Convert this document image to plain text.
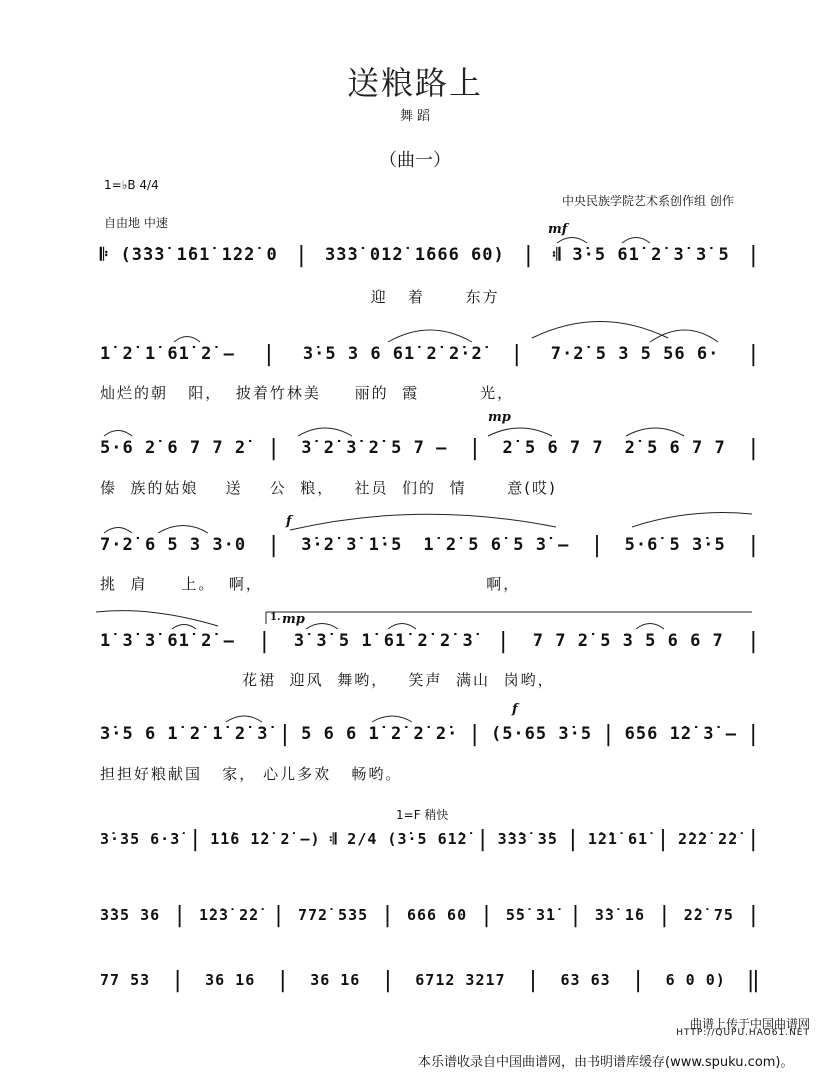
送粮路上
舞 蹈
（曲一）
1=♭B 4/4
自由地 中速
中央民族学院艺术系创作组 创作
mf
mp
f
1. mp
f
1=F 稍快
𝄆 (3̇3̇3̇ 1̇61̇ 1̇2̇2̇ 0 | 3̇3̇3̇ 01̇2̇ 1̇666 60) | 𝄇 3̇·5 61̇ 2̇ 3̇ 3̇ 5 |
迎   着      东方
1̇ 2̇ 1̇ 61̇ 2̇ – | 3̇·5 3 6 61̇ 2̇ 2̇·2̇ | 7·2̇ 5 3 5 56 6· |
灿烂的朝   阳，  披着竹林美     丽的  霞         光，
5·6 2̇ 6 7 7 2̇ | 3̇ 2̇ 3̇ 2̇ 5 7 – | 2̇ 5 6 7 7 2̇ 5 6 7 7 |
傣  族的姑娘    送    公  粮，   社员  们的  情      意(哎)
7·2̇ 6 5 3 3·0 | 3̇·2̇ 3̇ 1̇·5 1̇ 2̇ 5 6̇ 5 3̇ – | 5·6̇ 5 3̇·5 |
挑  肩     上。  啊，                                 啊，
1̇ 3̇ 3̇ 61̇ 2̇ – | 3̇ 3̇ 5 1̇ 61̇ 2̇ 2̇ 3̇ | 7 7 2̇ 5 3 5 6 6 7 |
花裙  迎风  舞哟，   笑声  满山  岗哟，
3̇·5 6 1̇ 2̇ 1̇ 2̇ 3̇ | 5 6 6 1̇ 2̇ 2̇ 2̇· | (5·65 3̇·5 | 6̇56 1̇2̇ 3̇ – |
担担好粮献国   家， 心儿多欢   畅哟。
3̇·35 6·3̇ | 1̇1̇6 1̇2̇ 2̇ –) 𝄇 2/4 (3̇·5 61̇2̇ | 3̇3̇3̇ 3̇5 | 1̇2̇1̇ 61̇ | 2̇2̇2̇ 2̇2̇ |
3̇35 36 | 1̇2̇3̇ 2̇2̇ | 772̇ 535 | 666 60 | 5̇5̇ 3̇1̇ | 3̇3̇ 1̇6 | 2̇2̇ 75 |
77 53 | 36 16 | 36 16 | 6712 3217 | 63 63 | 6 0 0) ‖
曲谱上传于中国曲谱网
HTTP://QUPU.HAO61.NET
本乐谱收录自中国曲谱网，由书明谱库缓存(www.spuku.com)。
